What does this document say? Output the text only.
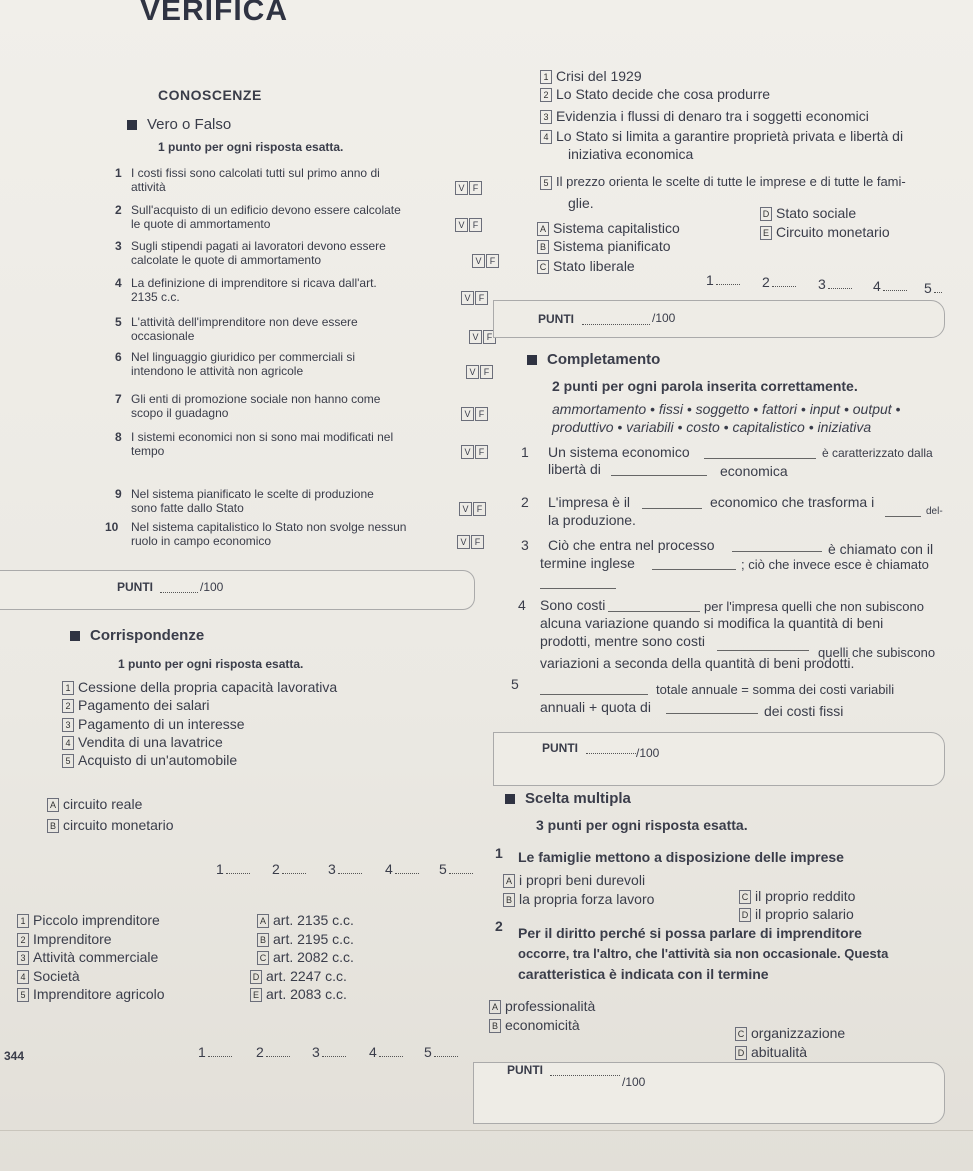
VERIFICA
CONOSCENZE
Vero o Falso
1 punto per ogni risposta esatta.
1 I costi fissi sono calcolati tutti sul primo anno di
attività	V F
2 Sull'acquisto di un edificio devono essere calcolate
le quote di ammortamento	V F
3 Sugli stipendi pagati ai lavoratori devono essere
calcolate le quote di ammortamento	V F
4 La definizione di imprenditore si ricava dall'art.
2135 c.c.	V F
5 L'attività dell'imprenditore non deve essere
occasionale	V F
6 Nel linguaggio giuridico per commerciali si
intendono le attività non agricole	V F
7 Gli enti di promozione sociale non hanno come
scopo il guadagno	V F
8 I sistemi economici non si sono mai modificati nel
tempo	V F
9 Nel sistema pianificato le scelte di produzione
sono fatte dallo Stato	V F
10 Nel sistema capitalistico lo Stato non svolge nessun
ruolo in campo economico	V F
PUNTI	/100
Corrispondenze
1 punto per ogni risposta esatta.
1 Cessione della propria capacità lavorativa
2 Pagamento dei salari
3 Pagamento di un interesse
4 Vendita di una lavatrice
5 Acquisto di un'automobile
A circuito reale
B circuito monetario
1	2	3	4	5
1 Piccolo imprenditore
2 Imprenditore
3 Attività commerciale
4 Società
5 Imprenditore agricolo
A art. 2135 c.c.
B art. 2195 c.c.
C art. 2082 c.c.
D art. 2247 c.c.
E art. 2083 c.c.
1	2	3	4	5
344
1 Crisi del 1929
2 Lo Stato decide che cosa produrre
3 Evidenzia i flussi di denaro tra i soggetti economici
4 Lo Stato si limita a garantire proprietà privata e libertà di
5 Il prezzo orienta le scelte di tutte le imprese e di tutte le fami-
iniziativa economica
glie.
A Sistema capitalistico
B Sistema pianificato
C Stato liberale
D Stato sociale
E Circuito monetario
1	2	3	4	5
PUNTI	/100
Completamento
2 punti per ogni parola inserita correttamente.
ammortamento • fissi • soggetto • fattori • input • output •
produttivo • variabili • costo • capitalistico • iniziativa
1 Un sistema economico	è caratterizzato dalla
libertà di	economica
2 L'impresa è il	economico che trasforma i
del-
la produzione.
3 Ciò che entra nel processo	è chiamato con il
termine inglese	; ciò che invece esce è chiamato
4 Sono costi	per l'impresa quelli che non subiscono
alcuna variazione quando si modifica la quantità di beni
prodotti, mentre sono costi
quelli che subiscono
variazioni a seconda della quantità di beni prodotti.
5	totale annuale = somma dei costi variabili
annuali + quota di	dei costi fissi
PUNTI	/100
Scelta multipla
3 punti per ogni risposta esatta.
1 Le famiglie mettono a disposizione delle imprese
A i propri beni durevoli
B la propria forza lavoro	C il proprio reddito
D il proprio salario
2 Per il diritto perché si possa parlare di imprenditore
occorre, tra l'altro, che l'attività sia non occasionale. Questa
caratteristica è indicata con il termine
A professionalità
B economicità
C organizzazione
D abitualità
PUNTI
/100
